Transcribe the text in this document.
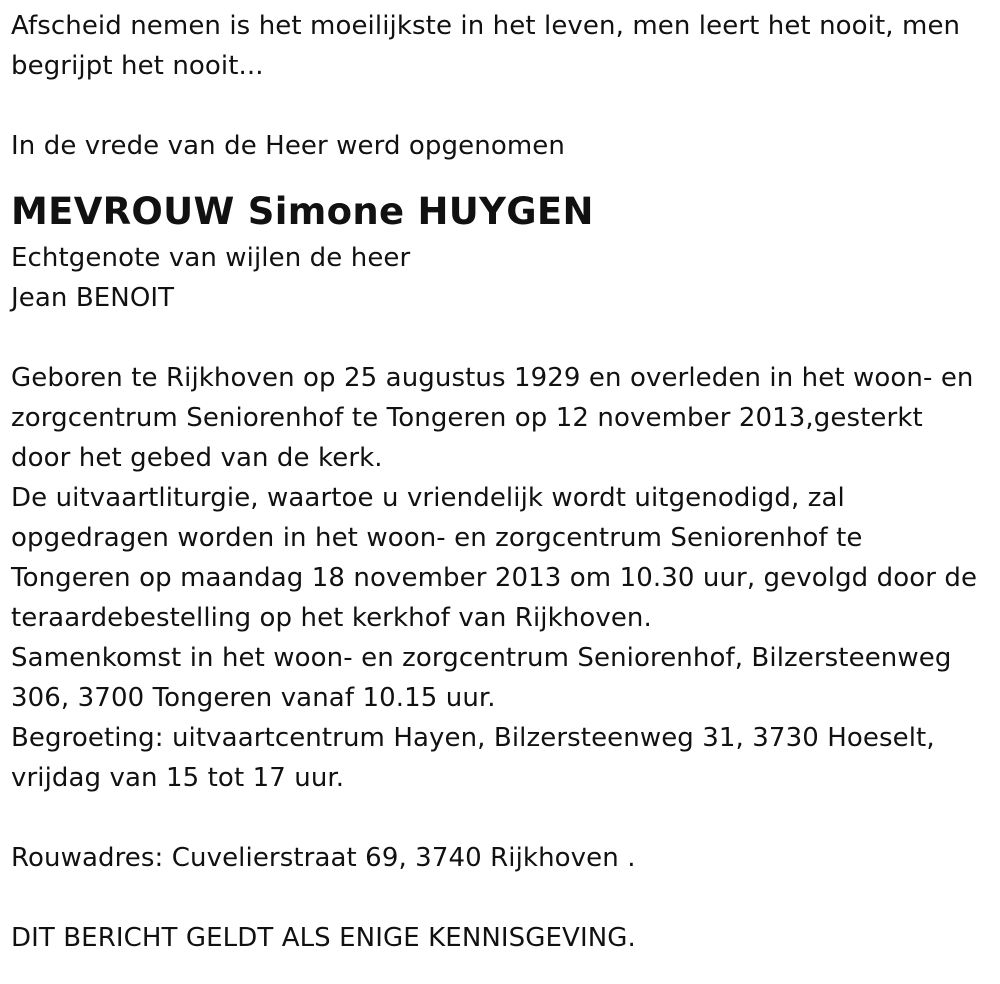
Afscheid nemen is het moeilijkste in het leven, men leert het nooit, men
begrijpt het nooit...
In de vrede van de Heer werd opgenomen
MEVROUW Simone HUYGEN
Echtgenote van wijlen de heer
Jean BENOIT
Geboren te Rijkhoven op 25 augustus 1929 en overleden in het woon- en
zorgcentrum Seniorenhof te Tongeren op 12 november 2013,gesterkt
door het gebed van de kerk.
De uitvaartliturgie, waartoe u vriendelijk wordt uitgenodigd, zal
opgedragen worden in het woon- en zorgcentrum Seniorenhof te
Tongeren op maandag 18 november 2013 om 10.30 uur, gevolgd door de
teraardebestelling op het kerkhof van Rijkhoven.
Samenkomst in het woon- en zorgcentrum Seniorenhof, Bilzersteenweg
306, 3700 Tongeren vanaf 10.15 uur.
Begroeting: uitvaartcentrum Hayen, Bilzersteenweg 31, 3730 Hoeselt,
vrijdag van 15 tot 17 uur.
Rouwadres: Cuvelierstraat 69, 3740 Rijkhoven .
DIT BERICHT GELDT ALS ENIGE KENNISGEVING.
